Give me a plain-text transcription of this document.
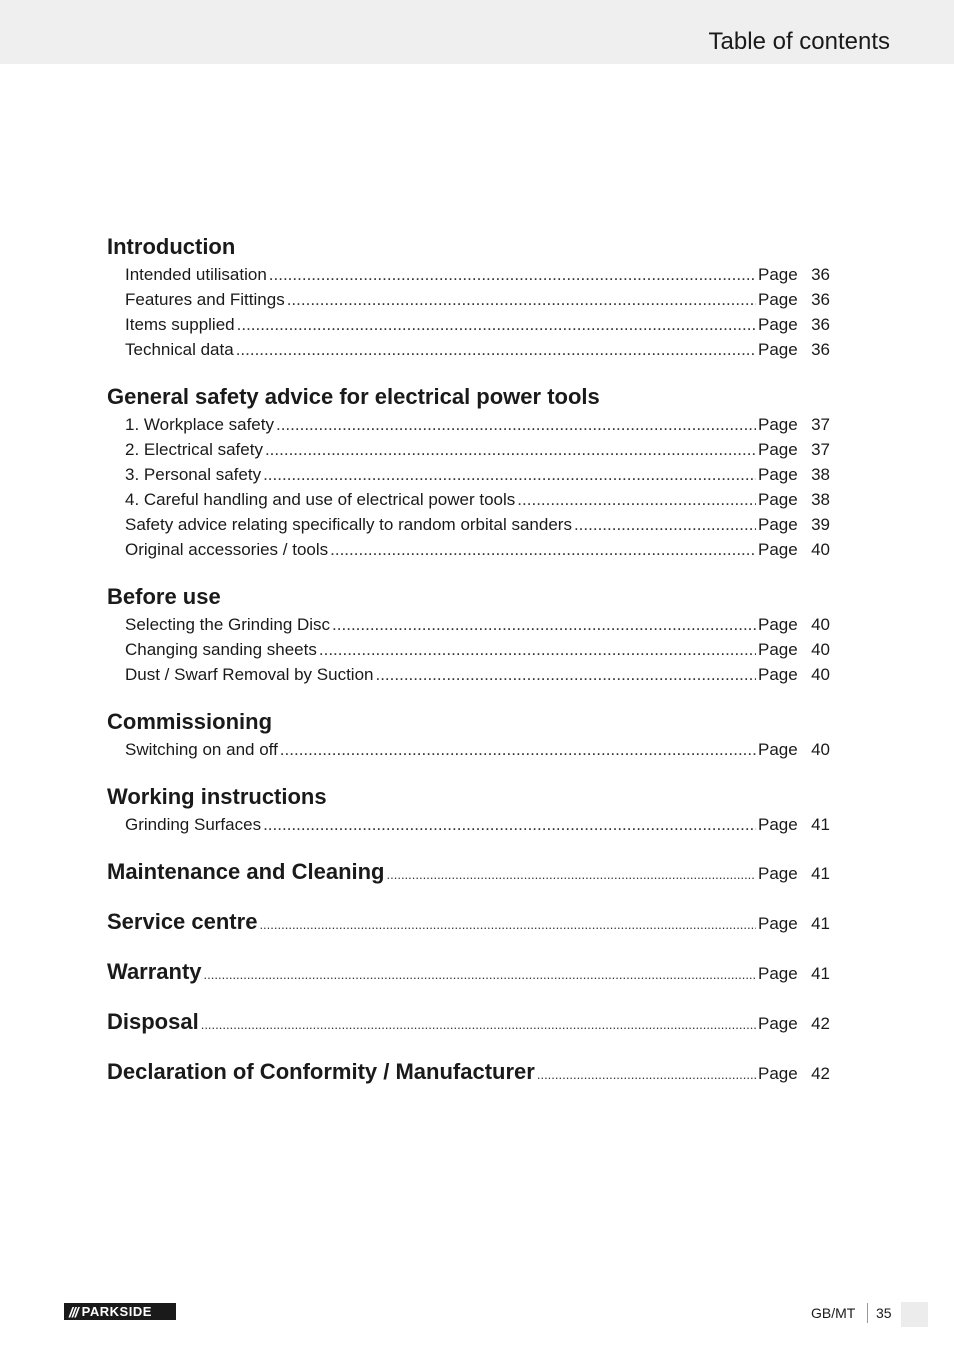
Table of contents
Introduction
Intended utilisation .....	Page 36
Features and Fittings .....	Page 36
Items supplied .....	Page 36
Technical data .....	Page 36
General safety advice for electrical power tools
1. Workplace safety .....	Page 37
2. Electrical safety .....	Page 37
3. Personal safety .....	Page 38
4. Careful handling and use of electrical power tools .....	Page 38
Safety advice relating specifically to random orbital sanders .....	Page 39
Original accessories / tools .....	Page 40
Before use
Selecting the Grinding Disc .....	Page 40
Changing sanding sheets .....	Page 40
Dust / Swarf Removal by Suction .....	Page 40
Commissioning
Switching on and off .....	Page 40
Working instructions
Grinding Surfaces .....	Page 41
Maintenance and Cleaning .....	Page 41
Service centre .....	Page 41
Warranty .....	Page 41
Disposal .....	Page 42
Declaration of Conformity / Manufacturer .....	Page 42
/// PARKSIDE	GB/MT 35
